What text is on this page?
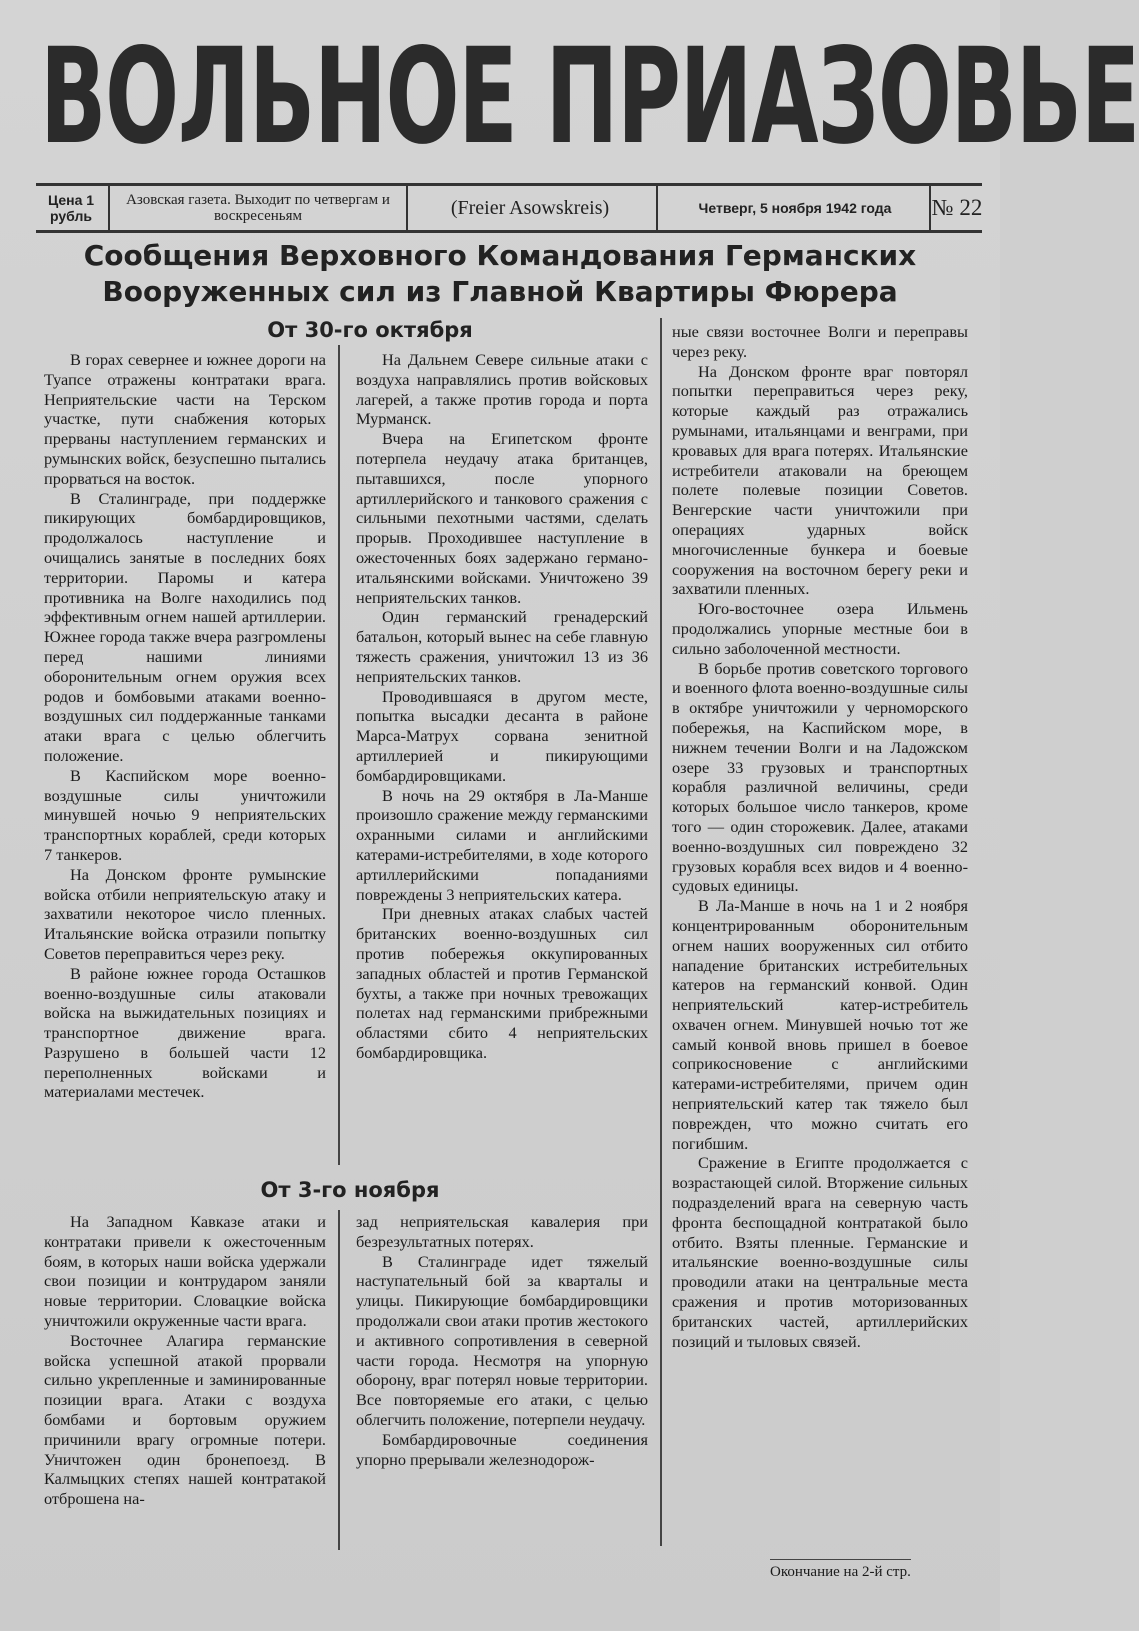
ВОЛЬНОЕ ПРИАЗОВЬЕ
Цена 1 рубль
Азовская газета. Выходит по четвергам и воскресеньям	(Freier Asowskreis)	Четверг, 5 ноября 1942 года	№ 22
Сообщения Верховного Командования Германских Вооруженных сил из Главной Квартиры Фюрера
От 30-го октября

В горах севернее и южнее дороги на Туапсе отражены контратаки врага. Неприятельские части на Терском участке, пути снабжения которых прерваны наступлением германских и румынских войск, безуспешно пытались прорваться на восток.

В Сталинграде, при поддержке пикирующих бомбардировщиков, продолжалось наступление и очищались занятые в последних боях территории. Паромы и катера противника на Волге находились под эффективным огнем нашей артиллерии. Южнее города также вчера разгромлены перед нашими линиями оборонительным огнем оружия всех родов и бомбовыми атаками военно-воздушных сил поддержанные танками атаки врага с целью облегчить положение.

В Каспийском море военно-воздушные силы уничтожили минувшей ночью 9 неприятельских транспортных кораблей, среди которых 7 танкеров.

На Донском фронте румынские войска отбили неприятельскую атаку и захватили некоторое число пленных. Итальянские войска отразили попытку Советов переправиться через реку.

В районе южнее города Осташков военно-воздушные силы атаковали войска на выжидательных позициях и транспортное движение врага. Разрушено в большей части 12 переполненных войсками и материалами местечек.

На Дальнем Севере сильные атаки с воздуха направлялись против войсковых лагерей, а также против города и порта Мурманск.

Вчера на Египетском фронте потерпела неудачу атака британцев, пытавшихся, после упорного артиллерийского и танкового сражения с сильными пехотными частями, сделать прорыв. Проходившее наступление в ожесточенных боях задержано германо-итальянскими войсками. Уничтожено 39 неприятельских танков.

Один германский гренадерский батальон, который вынес на себе главную тяжесть сражения, уничтожил 13 из 36 неприятельских танков.

Проводившаяся в другом месте, попытка высадки десанта в районе Марса-Матрух сорвана зенитной артиллерией и пикирующими бомбардировщиками.

В ночь на 29 октября в Ла-Манше произошло сражение между германскими охранными силами и английскими катерами-истребителями, в ходе которого артиллерийскими попаданиями повреждены 3 неприятельских катера.

При дневных атаках слабых частей британских военно-воздушных сил против побережья оккупированных западных областей и против Германской бухты, а также при ночных тревожащих полетах над германскими прибрежными областями сбито 4 неприятельских бомбардировщика.

ные связи восточнее Волги и переправы через реку.

На Донском фронте враг повторял попытки переправиться через реку, которые каждый раз отражались румынами, итальянцами и венграми, при кровавых для врага потерях. Итальянские истребители атаковали на бреющем полете полевые позиции Советов. Венгерские части уничтожили при операциях ударных войск многочисленные бункера и боевые сооружения на восточном берегу реки и захватили пленных.

Юго-восточнее озера Ильмень продолжались упорные местные бои в сильно заболоченной местности.

В борьбе против советского торгового и военного флота военно-воздушные силы в октябре уничтожили у черноморского побережья, на Каспийском море, в нижнем течении Волги и на Ладожском озере 33 грузовых и транспортных корабля различной величины, среди которых большое число танкеров, кроме того — один сторожевик. Далее, атаками военно-воздушных сил повреждено 32 грузовых корабля всех видов и 4 военно-судовых единицы.

В Ла-Манше в ночь на 1 и 2 ноября концентрированным оборонительным огнем наших вооруженных сил отбито нападение британских истребительных катеров на германский конвой. Один неприятельский катер-истребитель охвачен огнем. Минувшей ночью тот же самый конвой вновь пришел в боевое соприкосновение с английскими катерами-истребителями, причем один неприятельский катер так тяжело был поврежден, что можно считать его погибшим.

Сражение в Египте продолжается с возрастающей силой. Вторжение сильных подразделений врага на северную часть фронта беспощадной контратакой было отбито. Взяты пленные. Германские и итальянские военно-воздушные силы проводили атаки на центральные места сражения и против моторизованных британских частей, артиллерийских позиций и тыловых связей.

От 3-го ноября

На Западном Кавказе атаки и контратаки привели к ожесточенным боям, в которых наши войска удержали свои позиции и контрударом заняли новые территории. Словацкие войска уничтожили окруженные части врага.

Восточнее Алагира германские войска успешной атакой прорвали сильно укрепленные и заминированные позиции врага. Атаки с воздуха бомбами и бортовым оружием причинили врагу огромные потери. Уничтожен один бронепоезд. В Калмыцких степях нашей контратакой отброшена на-

зад неприятельская кавалерия при безрезультатных потерях.

В Сталинграде идет тяжелый наступательный бой за кварталы и улицы. Пикирующие бомбардировщики продолжали свои атаки против жестокого и активного сопротивления в северной части города. Несмотря на упорную оборону, враг потерял новые территории. Все повторяемые его атаки, с целью облегчить положение, потерпели неудачу.

Бомбардировочные соединения упорно прерывали железнодорож-

Окончание на 2-й стр.
